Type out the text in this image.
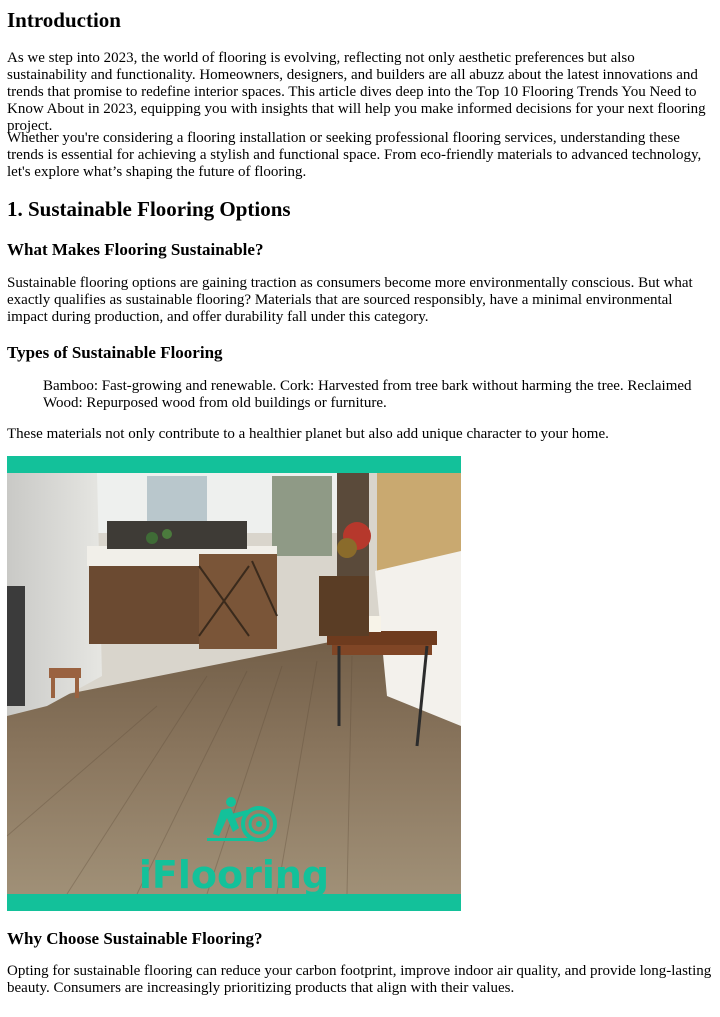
Introduction

As we step into 2023, the world of flooring is evolving, reflecting not only aesthetic preferences but also sustainability and functionality. Homeowners, designers, and builders are all abuzz about the latest innovations and trends that promise to redefine interior spaces. This article dives deep into the Top 10 Flooring Trends You Need to Know About in 2023, equipping you with insights that will help you make informed decisions for your next flooring project.

Whether you're considering a flooring installation or seeking professional flooring services, understanding these trends is essential for achieving a stylish and functional space. From eco-friendly materials to advanced technology, let's explore what’s shaping the future of flooring.

1. Sustainable Flooring Options
What Makes Flooring Sustainable?

Sustainable flooring options are gaining traction as consumers become more environmentally conscious. But what exactly qualifies as sustainable flooring? Materials that are sourced responsibly, have a minimal environmental impact during production, and offer durability fall under this category.

Types of Sustainable Flooring

Bamboo: Fast-growing and renewable. Cork: Harvested from tree bark without harming the tree. Reclaimed Wood: Repurposed wood from old buildings or furniture.

These materials not only contribute to a healthier planet but also add unique character to your home.

iFlooring
Why Choose Sustainable Flooring?

Opting for sustainable flooring can reduce your carbon footprint, improve indoor air quality, and provide long-lasting beauty. Consumers are increasingly prioritizing products that align with their values.
